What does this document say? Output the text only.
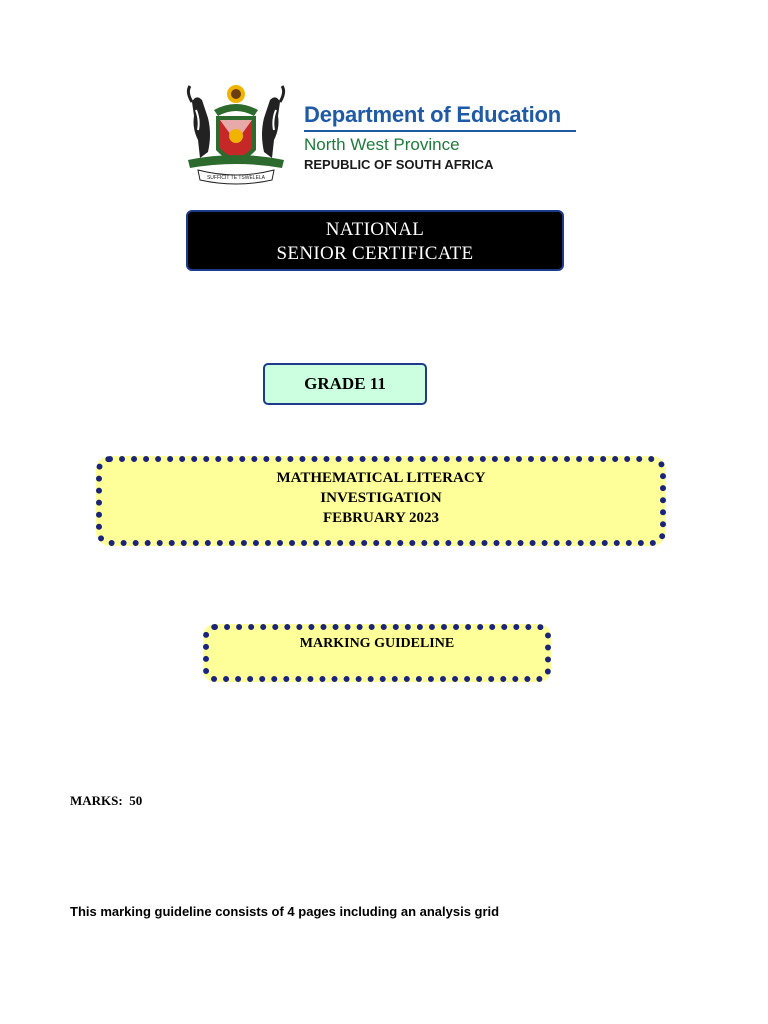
SUFFICIT TE TSWELELA
Department of Education
North West Province
REPUBLIC OF SOUTH AFRICA
NATIONAL
SENIOR CERTIFICATE
GRADE 11
MATHEMATICAL LITERACY
INVESTIGATION
FEBRUARY 2023
MARKING GUIDELINE
MARKS: 50
This marking guideline consists of 4 pages including an analysis grid
